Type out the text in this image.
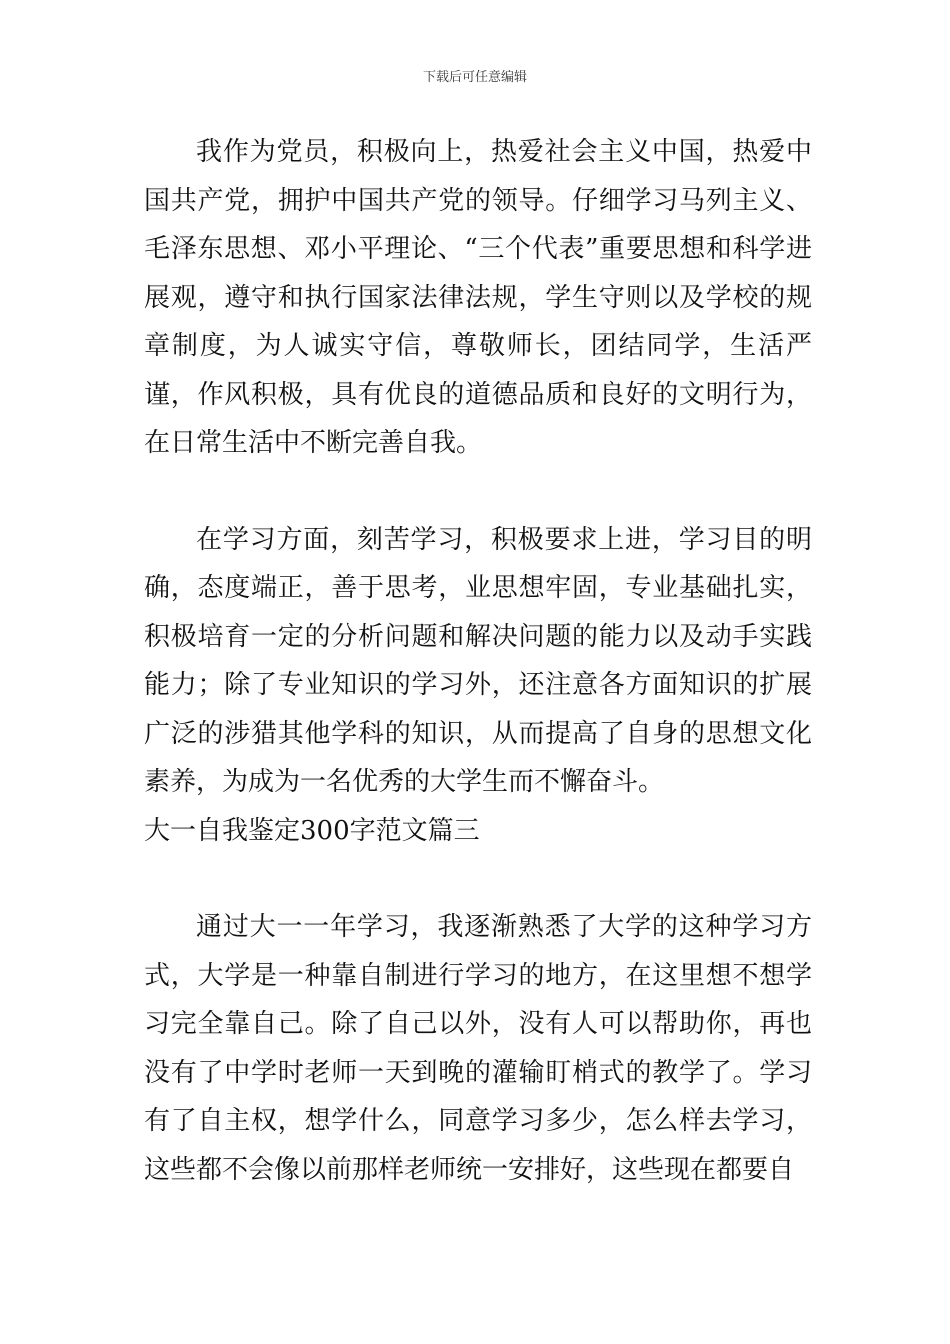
下载后可任意编辑

我作为党员，积极向上，热爱社会主义中国，热爱中国共产党，拥护中国共产党的领导。仔细学习马列主义、毛泽东思想、邓小平理论、“三个代表”重要思想和科学进展观，遵守和执行国家法律法规，学生守则以及学校的规章制度，为人诚实守信，尊敬师长，团结同学，生活严谨，作风积极，具有优良的道德品质和良好的文明行为，在日常生活中不断完善自我。

在学习方面，刻苦学习，积极要求上进，学习目的明确，态度端正，善于思考，业思想牢固，专业基础扎实，积极培育一定的分析问题和解决问题的能力以及动手实践能力；除了专业知识的学习外，还注意各方面知识的扩展广泛的涉猎其他学科的知识，从而提高了自身的思想文化素养，为成为一名优秀的大学生而不懈奋斗。

大一自我鉴定300字范文篇三

通过大一一年学习，我逐渐熟悉了大学的这种学习方式，大学是一种靠自制进行学习的地方，在这里想不想学习完全靠自己。除了自己以外，没有人可以帮助你，再也没有了中学时老师一天到晚的灌输盯梢式的教学了。学习有了自主权，想学什么，同意学习多少，怎么样去学习，这些都不会像以前那样老师统一安排好，这些现在都要自
